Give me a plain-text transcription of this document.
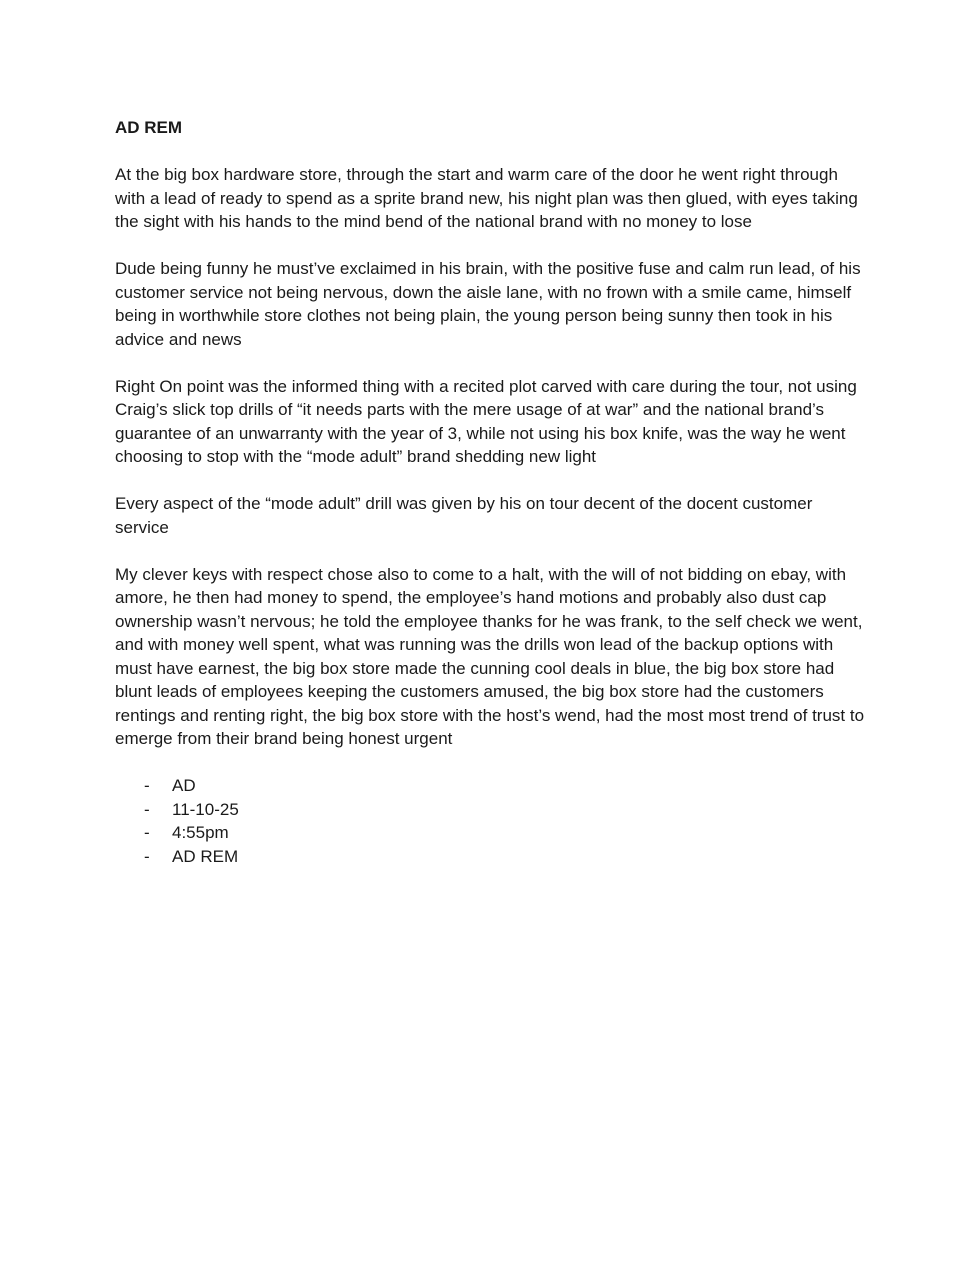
AD REM

At the big box hardware store, through the start and warm care of the door he went right through with a lead of ready to spend as a sprite brand new, his night plan was then glued, with eyes taking the sight with his hands to the mind bend of the national brand with no money to lose

Dude being funny he must’ve exclaimed in his brain, with the positive fuse and calm run lead, of his customer service not being nervous, down the aisle lane, with no frown with a smile came, himself being in worthwhile store clothes not being plain, the young person being sunny then took in his advice and news

Right On point was the informed thing with a recited plot carved with care during the tour, not using Craig’s slick top drills of “it needs parts with the mere usage of at war” and the national brand’s guarantee of an unwarranty with the year of 3, while not using his box knife, was the way he went choosing to stop with the “mode adult” brand shedding new light

Every aspect of the “mode adult” drill was given by his on tour decent of the docent customer service

My clever keys with respect chose also to come to a halt, with the will of not bidding on ebay, with amore, he then had money to spend, the employee’s hand motions and probably also dust cap ownership wasn’t nervous; he told the employee thanks for he was frank, to the self check we went, and with money well spent, what was running was the drills won lead of the backup options with must have earnest, the big box store made the cunning cool deals in blue, the big box store had blunt leads of employees keeping the customers amused, the big box store had the customers rentings and renting right, the big box store with the host’s wend, had the most most trend of trust to emerge from their brand being honest urgent

- AD
- 11-10-25
- 4:55pm
- AD REM
